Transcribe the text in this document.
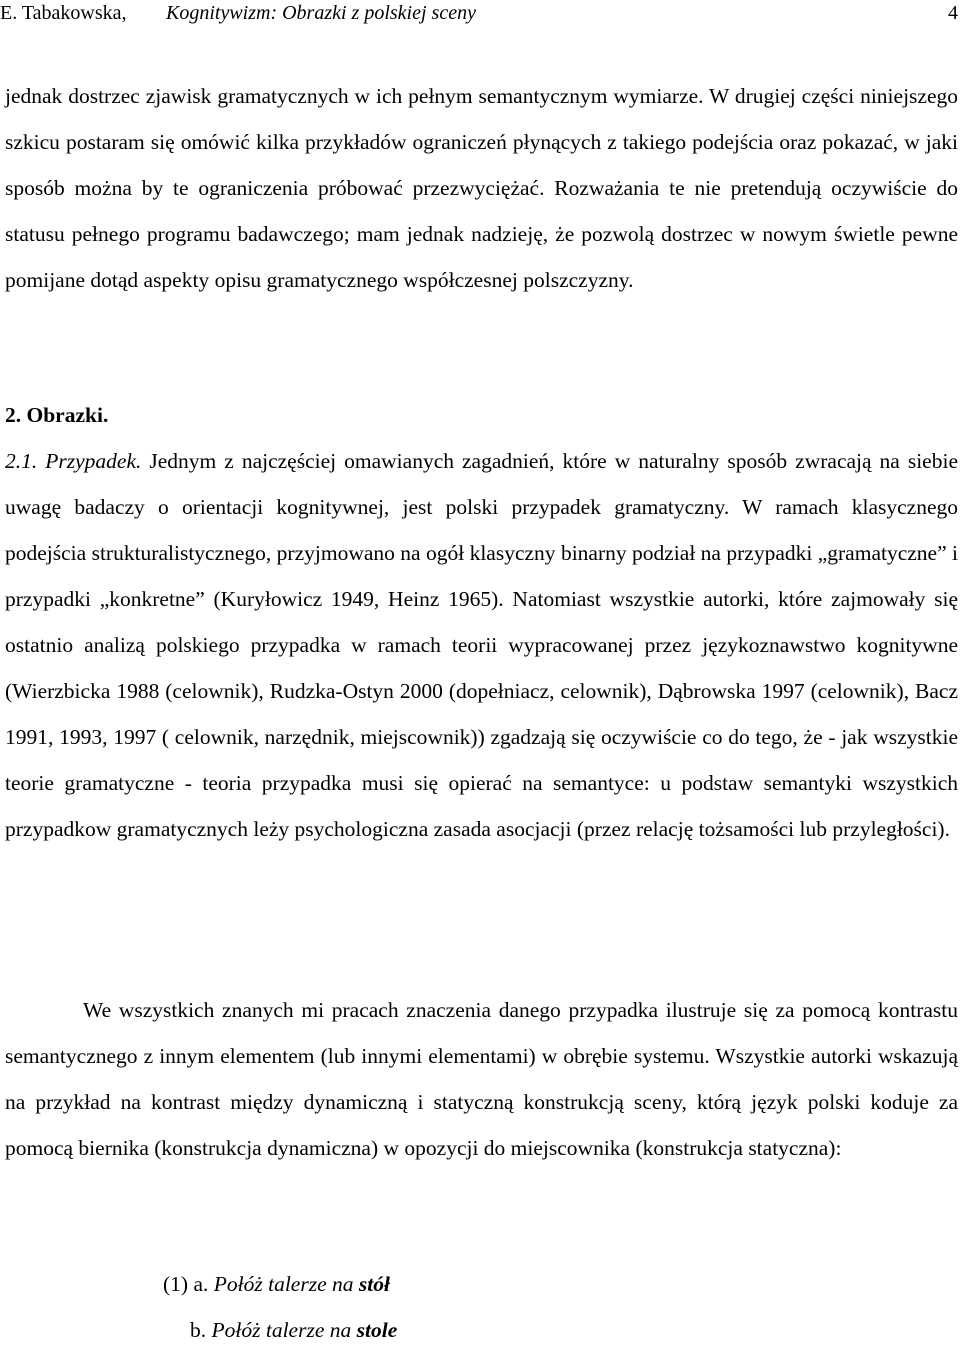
E. Tabakowska, Kognitywizm: Obrazki z polskiej sceny	4

jednak dostrzec zjawisk gramatycznych w ich pełnym semantycznym wymiarze. W drugiej części niniejszego szkicu postaram się omówić kilka przykładów ograniczeń płynących z takiego podejścia oraz pokazać, w jaki sposób można by te ograniczenia próbować przezwyciężać. Rozważania te nie pretendują oczywiście do statusu pełnego programu badawczego; mam jednak nadzieję, że pozwolą dostrzec w nowym świetle pewne pomijane dotąd aspekty opisu gramatycznego współczesnej polszczyzny.

2. Obrazki.

2.1. Przypadek. Jednym z najczęściej omawianych zagadnień, które w naturalny sposób zwracają na siebie uwagę badaczy o orientacji kognitywnej, jest polski przypadek gramatyczny. W ramach klasycznego podejścia strukturalistycznego, przyjmowano na ogół klasyczny binarny podział na przypadki „gramatyczne” i przypadki „konkretne” (Kuryłowicz 1949, Heinz 1965). Natomiast wszystkie autorki, które zajmowały się ostatnio analizą polskiego przypadka w ramach teorii wypracowanej przez językoznawstwo kognitywne (Wierzbicka 1988 (celownik), Rudzka-Ostyn 2000 (dopełniacz, celownik), Dąbrowska 1997 (celownik), Bacz 1991, 1993, 1997 ( celownik, narzędnik, miejscownik)) zgadzają się oczywiście co do tego, że - jak wszystkie teorie gramatyczne - teoria przypadka musi się opierać na semantyce: u podstaw semantyki wszystkich przypadkow gramatycznych leży psychologiczna zasada asocjacji (przez relację tożsamości lub przyległości).

We wszystkich znanych mi pracach znaczenia danego przypadka ilustruje się za pomocą kontrastu semantycznego z innym elementem (lub innymi elementami) w obrębie systemu. Wszystkie autorki wskazują na przykład na kontrast między dynamiczną i statyczną konstrukcją sceny, którą język polski koduje za pomocą biernika (konstrukcja dynamiczna) w opozycji do miejscownika (konstrukcja statyczna):

(1) a. Połóż talerze na stół
b. Połóż talerze na stole
